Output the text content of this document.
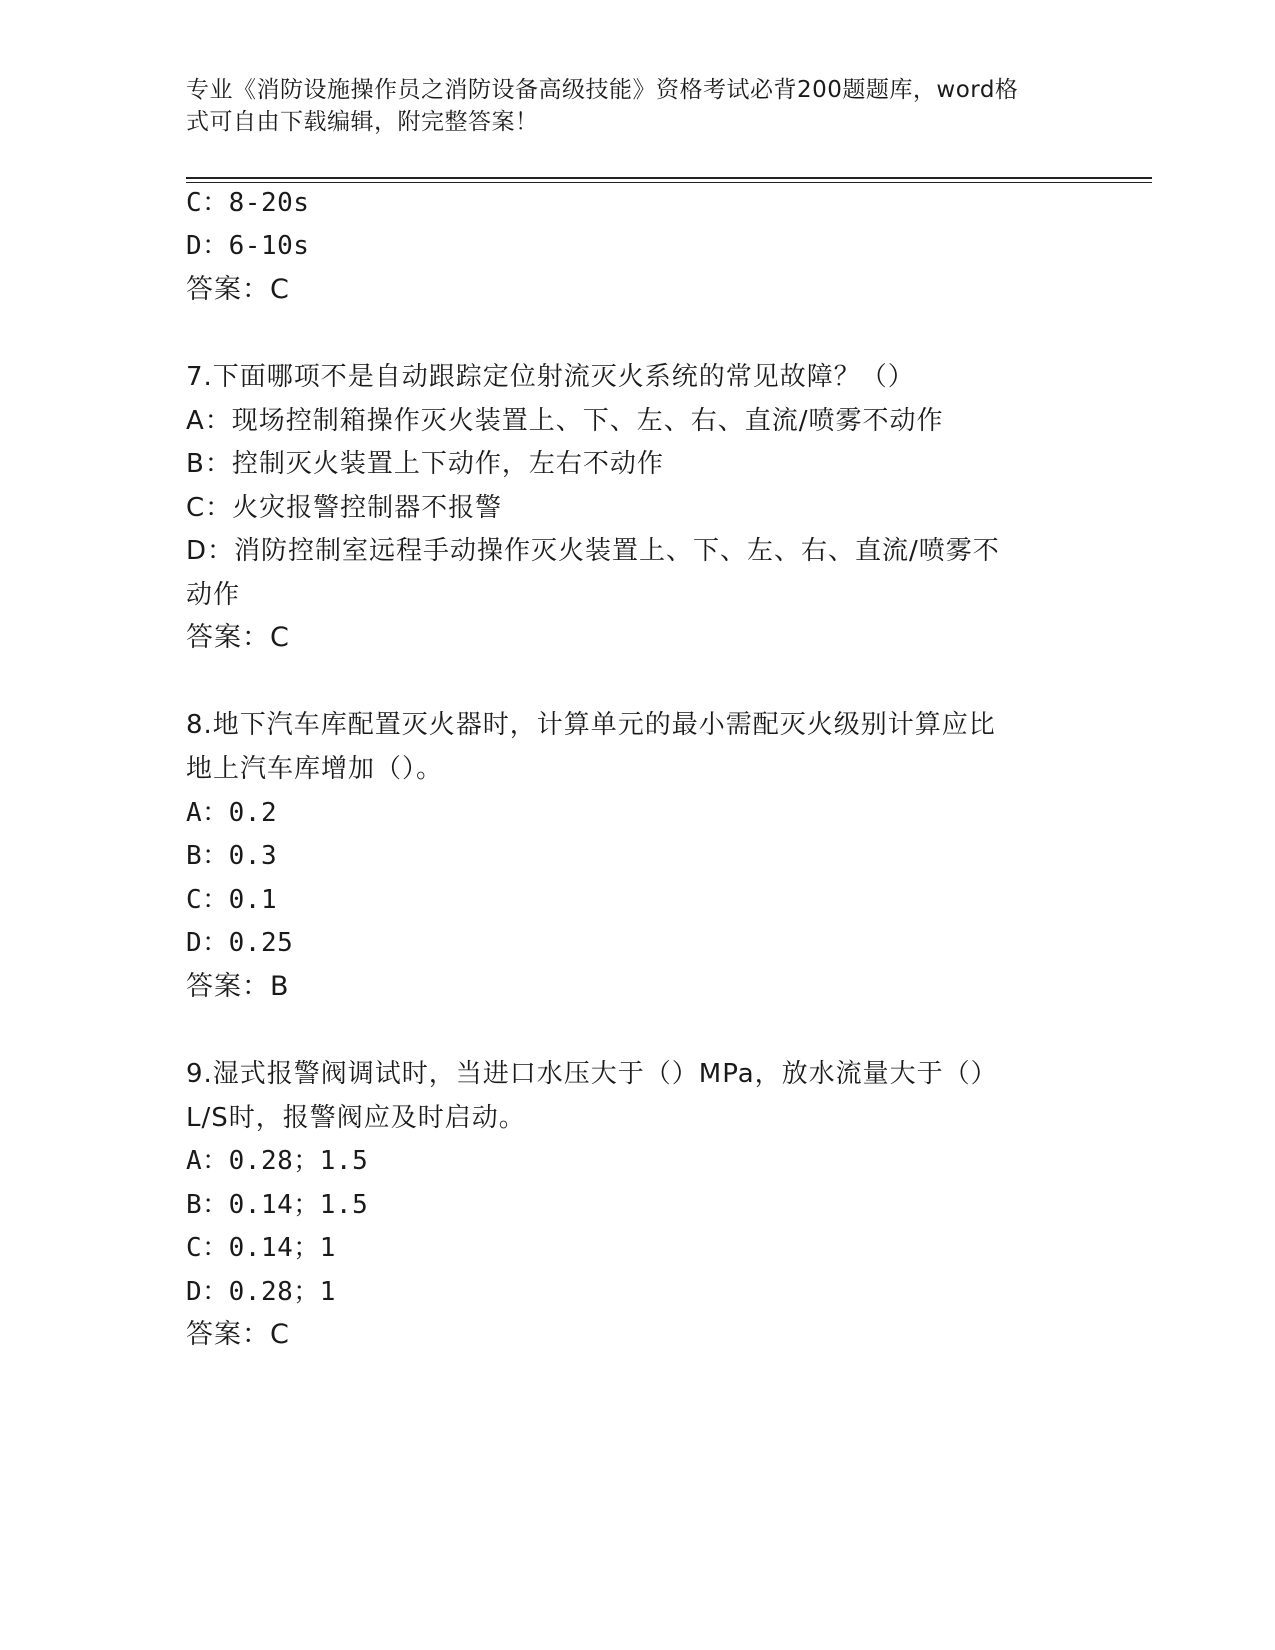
专业《消防设施操作员之消防设备高级技能》资格考试必背200题题库，word格
式可自由下载编辑，附完整答案！
C：8-20s
D：6-10s
答案：C
7.下面哪项不是自动跟踪定位射流灭火系统的常见故障？（）
A：现场控制箱操作灭火装置上、下、左、右、直流/喷雾不动作
B：控制灭火装置上下动作，左右不动作
C：火灾报警控制器不报警
D：消防控制室远程手动操作灭火装置上、下、左、右、直流/喷雾不
动作
答案：C
8.地下汽车库配置灭火器时，计算单元的最小需配灭火级别计算应比
地上汽车库增加（）。
A：0.2
B：0.3
C：0.1
D：0.25
答案：B
9.湿式报警阀调试时，当进口水压大于（）MPa，放水流量大于（）
L/S时，报警阀应及时启动。
A：0.28；1.5
B：0.14；1.5
C：0.14；1
D：0.28；1
答案：C
